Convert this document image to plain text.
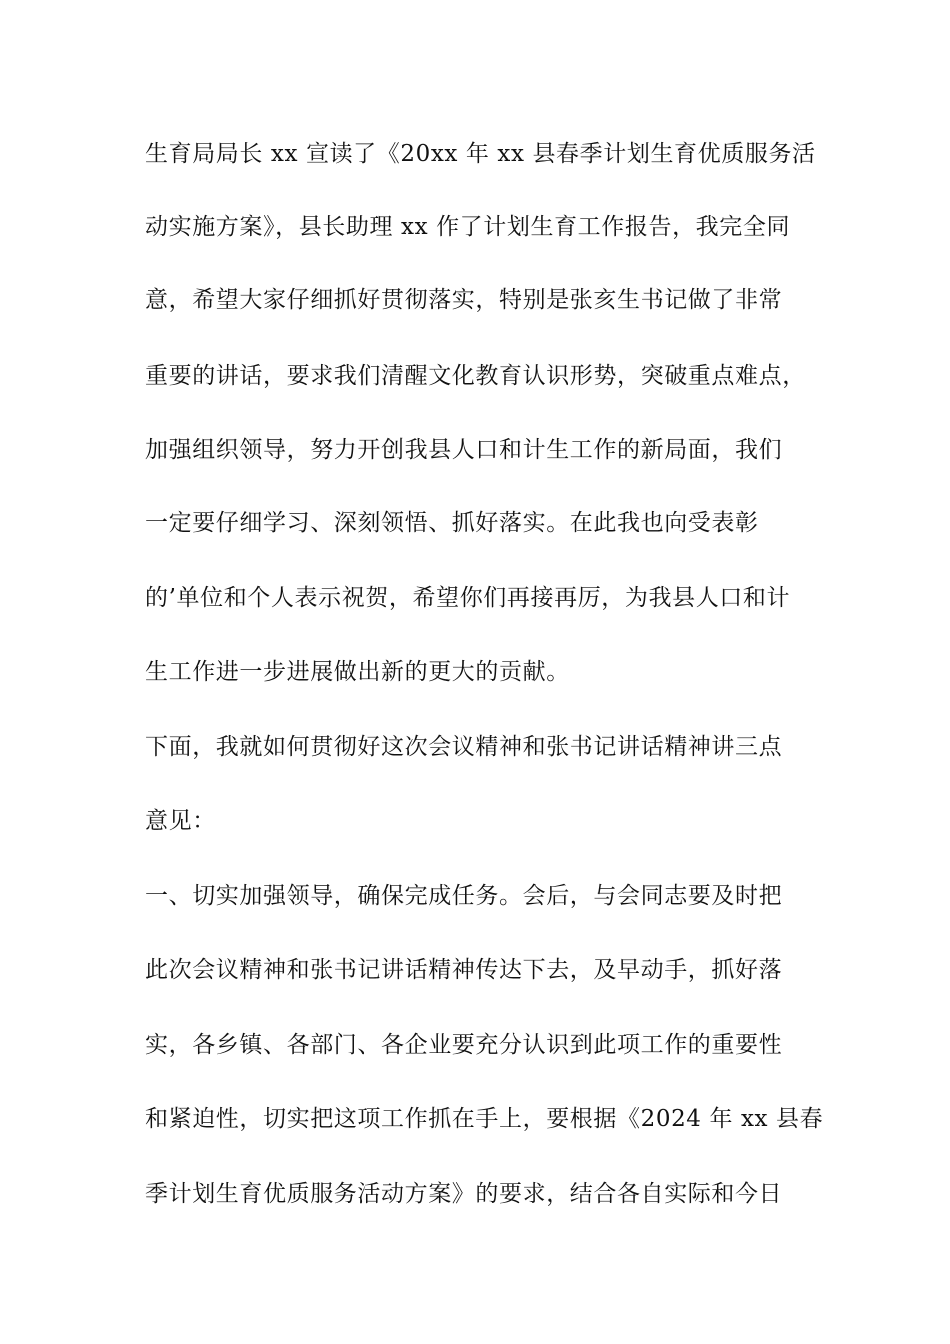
生育局局长 xx 宣读了《20xx 年 xx 县春季计划生育优质服务活
动实施方案》，县长助理 xx 作了计划生育工作报告，我完全同
意，希望大家仔细抓好贯彻落实，特别是张亥生书记做了非常
重要的讲话，要求我们清醒文化教育认识形势，突破重点难点，
加强组织领导，努力开创我县人口和计生工作的新局面，我们
一定要仔细学习、深刻领悟、抓好落实。在此我也向受表彰
的’单位和个人表示祝贺，希望你们再接再厉，为我县人口和计
生工作进一步进展做出新的更大的贡献。
下面，我就如何贯彻好这次会议精神和张书记讲话精神讲三点
意见：
一、切实加强领导，确保完成任务。会后，与会同志要及时把
此次会议精神和张书记讲话精神传达下去，及早动手，抓好落
实，各乡镇、各部门、各企业要充分认识到此项工作的重要性
和紧迫性，切实把这项工作抓在手上，要根据《2024 年 xx 县春
季计划生育优质服务活动方案》的要求，结合各自实际和今日
